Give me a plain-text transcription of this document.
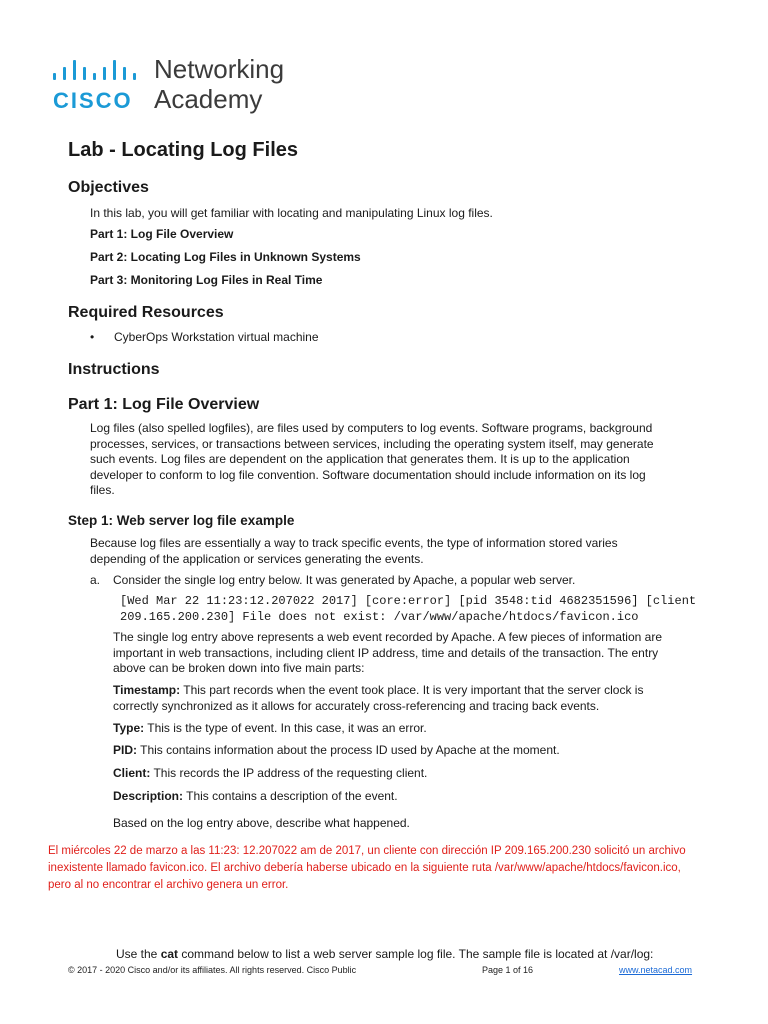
CISCO
Networking
Academy
Lab - Locating Log Files
Objectives
In this lab, you will get familiar with locating and manipulating Linux log files.
Part 1: Log File Overview
Part 2: Locating Log Files in Unknown Systems
Part 3: Monitoring Log Files in Real Time
Required Resources
• CyberOps Workstation virtual machine
Instructions
Part 1: Log File Overview
Log files (also spelled logfiles), are files used by computers to log events. Software programs, background
processes, services, or transactions between services, including the operating system itself, may generate
such events. Log files are dependent on the application that generates them. It is up to the application
developer to conform to log file convention. Software documentation should include information on its log
files.
Step 1: Web server log file example
Because log files are essentially a way to track specific events, the type of information stored varies
depending of the application or services generating the events.
a. Consider the single log entry below. It was generated by Apache, a popular web server.
[Wed Mar 22 11:23:12.207022 2017] [core:error] [pid 3548:tid 4682351596] [client
209.165.200.230] File does not exist: /var/www/apache/htdocs/favicon.ico
The single log entry above represents a web event recorded by Apache. A few pieces of information are
important in web transactions, including client IP address, time and details of the transaction. The entry
above can be broken down into five main parts:
Timestamp: This part records when the event took place. It is very important that the server clock is
correctly synchronized as it allows for accurately cross-referencing and tracing back events.
Type: This is the type of event. In this case, it was an error.
PID: This contains information about the process ID used by Apache at the moment.
Client: This records the IP address of the requesting client.
Description: This contains a description of the event.
Based on the log entry above, describe what happened.
El miércoles 22 de marzo a las 11:23: 12.207022 am de 2017, un cliente con dirección IP 209.165.200.230 solicitó un archivo
inexistente llamado favicon.ico. El archivo debería haberse ubicado en la siguiente ruta /var/www/apache/htdocs/favicon.ico,
pero al no encontrar el archivo genera un error.
Use the cat command below to list a web server sample log file. The sample file is located at /var/log:
© 2017 - 2020 Cisco and/or its affiliates. All rights reserved. Cisco Public	Page 1 of 16	www.netacad.com
